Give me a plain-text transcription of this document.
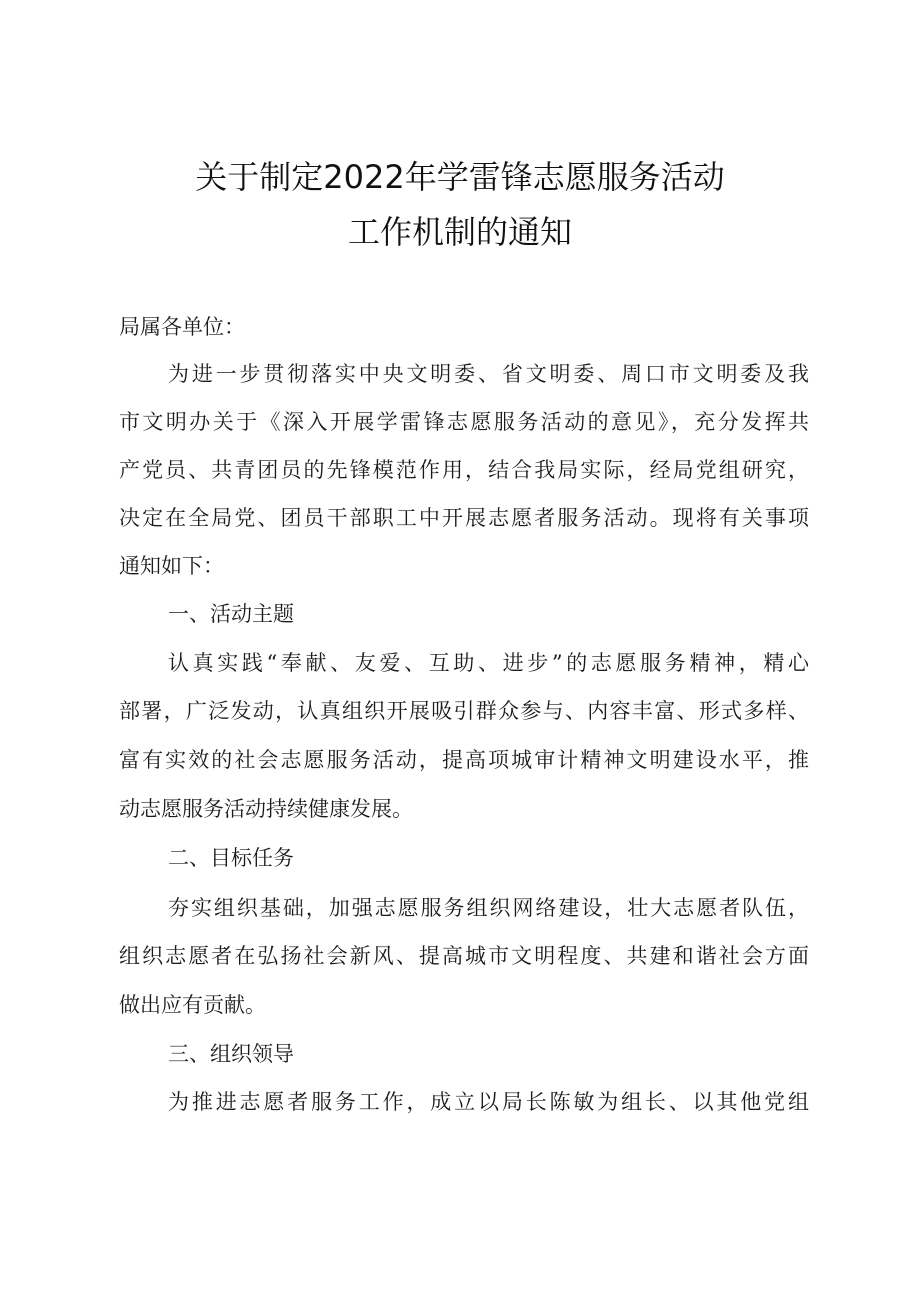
关于制定2022年学雷锋志愿服务活动
工作机制的通知
局属各单位：
为进一步贯彻落实中央文明委、省文明委、周口市文明委及我
市文明办关于《深入开展学雷锋志愿服务活动的意见》，充分发挥共
产党员、共青团员的先锋模范作用，结合我局实际，经局党组研究，
决定在全局党、团员干部职工中开展志愿者服务活动。现将有关事项
通知如下：
一、活动主题
认真实践“奉献、友爱、互助、进步”的志愿服务精神，精心
部署，广泛发动，认真组织开展吸引群众参与、内容丰富、形式多样、
富有实效的社会志愿服务活动，提高项城审计精神文明建设水平，推
动志愿服务活动持续健康发展。
二、目标任务
夯实组织基础，加强志愿服务组织网络建设，壮大志愿者队伍，
组织志愿者在弘扬社会新风、提高城市文明程度、共建和谐社会方面
做出应有贡献。
三、组织领导
为推进志愿者服务工作，成立以局长陈敏为组长、以其他党组
